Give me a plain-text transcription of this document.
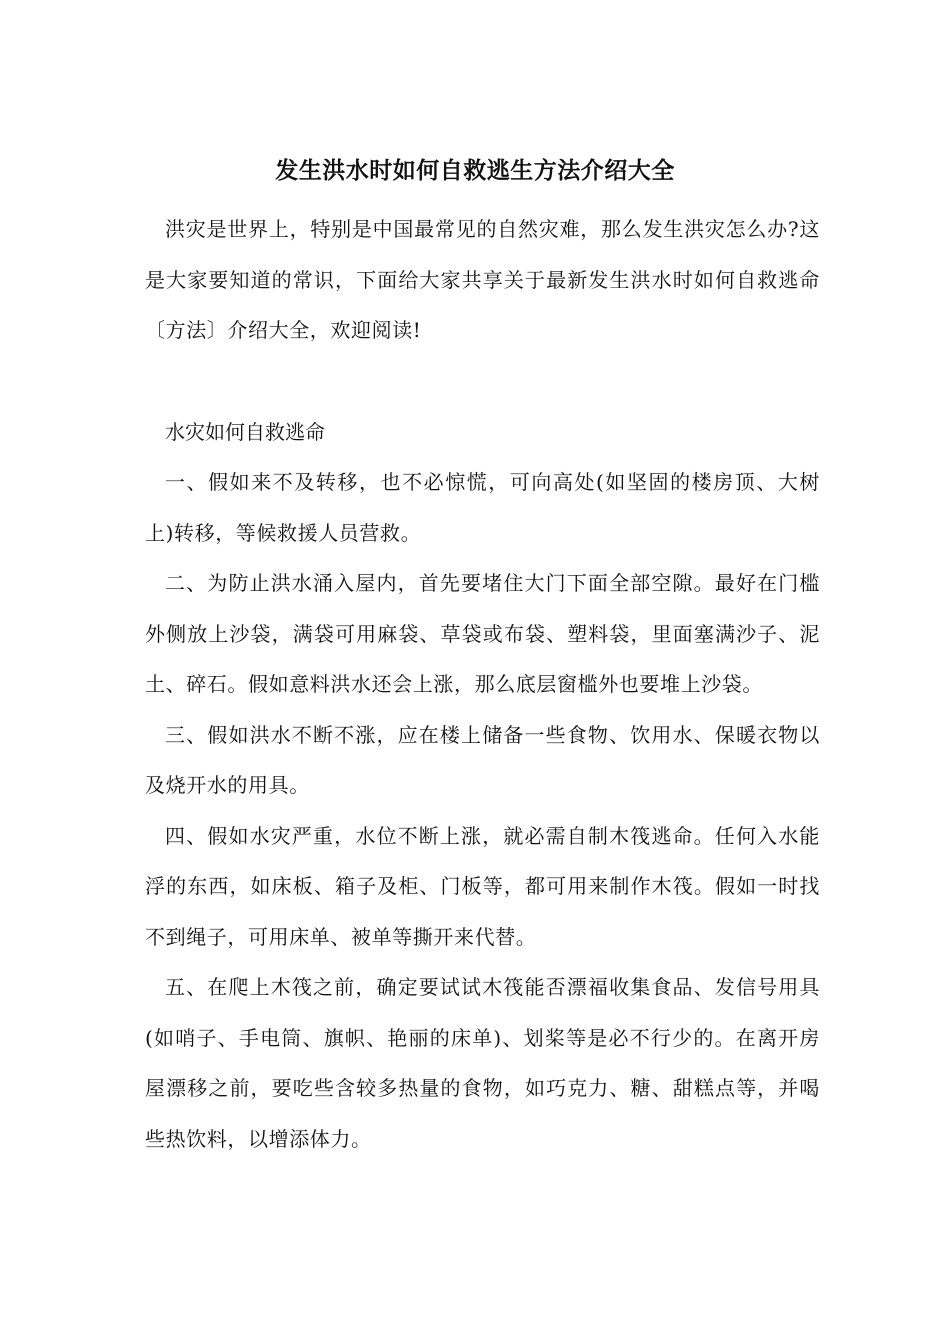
发生洪水时如何自救逃生方法介绍大全

洪灾是世界上，特别是中国最常见的自然灾难，那么发生洪灾怎么办?这是大家要知道的常识，下面给大家共享关于最新发生洪水时如何自救逃命〔方法〕介绍大全，欢迎阅读!

水灾如何自救逃命

一、假如来不及转移，也不必惊慌，可向高处(如坚固的楼房顶、大树上)转移，等候救援人员营救。

二、为防止洪水涌入屋内，首先要堵住大门下面全部空隙。最好在门槛外侧放上沙袋，满袋可用麻袋、草袋或布袋、塑料袋，里面塞满沙子、泥土、碎石。假如意料洪水还会上涨，那么底层窗槛外也要堆上沙袋。

三、假如洪水不断不涨，应在楼上储备一些食物、饮用水、保暖衣物以及烧开水的用具。

四、假如水灾严重，水位不断上涨，就必需自制木筏逃命。任何入水能浮的东西，如床板、箱子及柜、门板等，都可用来制作木筏。假如一时找不到绳子，可用床单、被单等撕开来代替。

五、在爬上木筏之前，确定要试试木筏能否漂福收集食品、发信号用具(如哨子、手电筒、旗帜、艳丽的床单)、划桨等是必不行少的。在离开房屋漂移之前，要吃些含较多热量的食物，如巧克力、糖、甜糕点等，并喝些热饮料，以增添体力。
